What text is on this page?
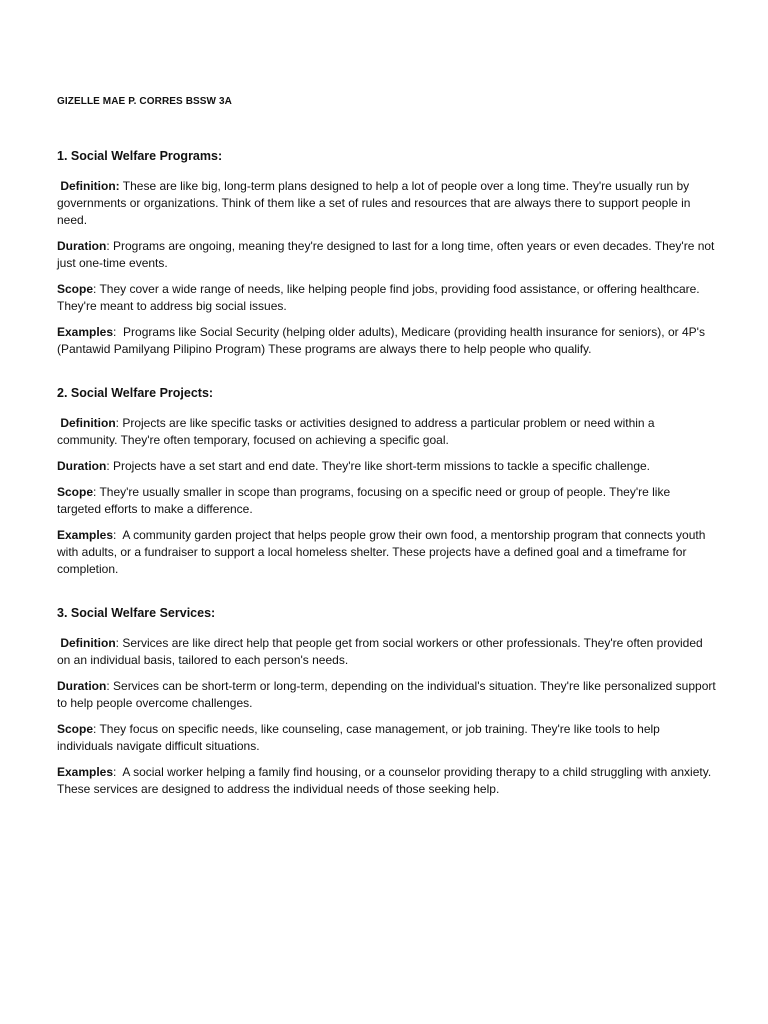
GIZELLE MAE P. CORRES BSSW 3A
1. Social Welfare Programs:

Definition: These are like big, long-term plans designed to help a lot of people over a long time. They're usually run by governments or organizations. Think of them like a set of rules and resources that are always there to support people in need.

Duration: Programs are ongoing, meaning they're designed to last for a long time, often years or even decades. They're not just one-time events.

Scope: They cover a wide range of needs, like helping people find jobs, providing food assistance, or offering healthcare. They're meant to address big social issues.

Examples:  Programs like Social Security (helping older adults), Medicare (providing health insurance for seniors), or 4P's (Pantawid Pamilyang Pilipino Program) These programs are always there to help people who qualify.

2. Social Welfare Projects:

Definition: Projects are like specific tasks or activities designed to address a particular problem or need within a community. They're often temporary, focused on achieving a specific goal.

Duration: Projects have a set start and end date. They're like short-term missions to tackle a specific challenge.

Scope: They're usually smaller in scope than programs, focusing on a specific need or group of people. They're like targeted efforts to make a difference.

Examples:  A community garden project that helps people grow their own food, a mentorship program that connects youth with adults, or a fundraiser to support a local homeless shelter. These projects have a defined goal and a timeframe for completion.

3. Social Welfare Services:

Definition: Services are like direct help that people get from social workers or other professionals. They're often provided on an individual basis, tailored to each person's needs.

Duration: Services can be short-term or long-term, depending on the individual's situation. They're like personalized support to help people overcome challenges.

Scope: They focus on specific needs, like counseling, case management, or job training. They're like tools to help individuals navigate difficult situations.

Examples:  A social worker helping a family find housing, or a counselor providing therapy to a child struggling with anxiety.  These services are designed to address the individual needs of those seeking help.
